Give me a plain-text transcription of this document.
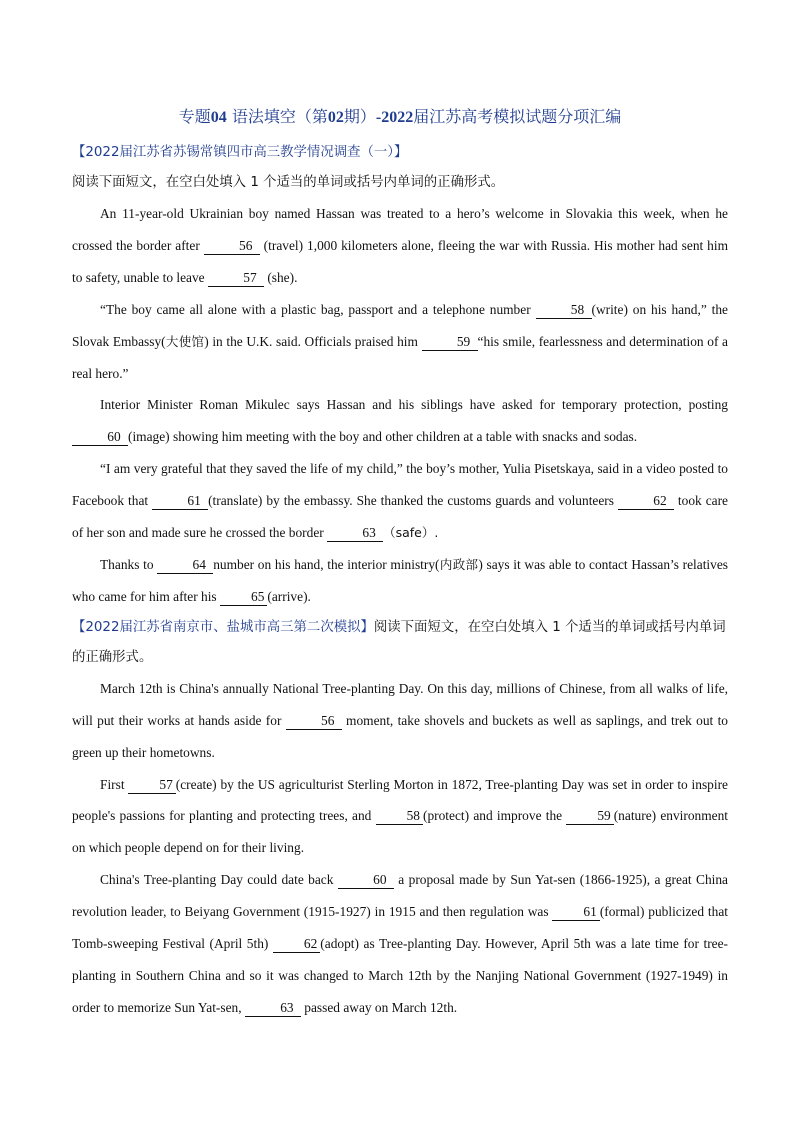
专题04 语法填空（第02期）-2022届江苏高考模拟试题分项汇编
【2022届江苏省苏锡常镇四市高三教学情况调查（一）】
阅读下面短文，在空白处填入 1 个适当的单词或括号内单词的正确形式。

An 11-year-old Ukrainian boy named Hassan was treated to a hero’s welcome in Slovakia this week, when he crossed the border after	56 (travel) 1,000 kilometers alone, fleeing the war with Russia. His mother had sent him to safety, unable to leave	57 (she).

“The boy came all alone with a plastic bag, passport and a telephone number	58 (write) on his hand,” the Slovak Embassy(大使馆) in the U.K. said. Officials praised him	59 “his smile, fearlessness and determination of a real hero.”

Interior Minister Roman Mikulec says Hassan and his siblings have asked for temporary protection, posting 60 (image) showing him meeting with the boy and other children at a table with snacks and sodas.

“I am very grateful that they saved the life of my child,” the boy’s mother, Yulia Pisetskaya, said in a video posted to Facebook that	61 (translate) by the embassy. She thanked the customs guards and volunteers	62 took care of her son and made sure he crossed the border	63 （safe）.

Thanks to	64 number on his hand, the interior ministry(内政部) says it was able to contact Hassan’s relatives who came for him after his 65 (arrive).

【2022届江苏省南京市、盐城市高三第二次模拟】阅读下面短文，在空白处填入 1 个适当的单词或括号内单词的正确形式。

March 12th is China's annually National Tree-planting Day. On this day, millions of Chinese, from all walks of life, will put their works at hands aside for	56 moment, take shovels and buckets as well as saplings, and trek out to green up their hometowns.

First 57 (create) by the US agriculturist Sterling Morton in 1872, Tree-planting Day was set in order to inspire people's passions for planting and protecting trees, and 58 (protect) and improve the 59 (nature) environment on which people depend on for their living.

China's Tree-planting Day could date back	60 a proposal made by Sun Yat-sen (1866-1925), a great China revolution leader, to Beiyang Government (1915-1927) in 1915 and then regulation was 61 (formal) publicized that Tomb-sweeping Festival (April 5th) 62 (adopt) as Tree-planting Day. However, April 5th was a late time for tree-planting in Southern China and so it was changed to March 12th by the Nanjing National Government (1927-1949) in order to memorize Sun Yat-sen,	63 passed away on March 12th.
